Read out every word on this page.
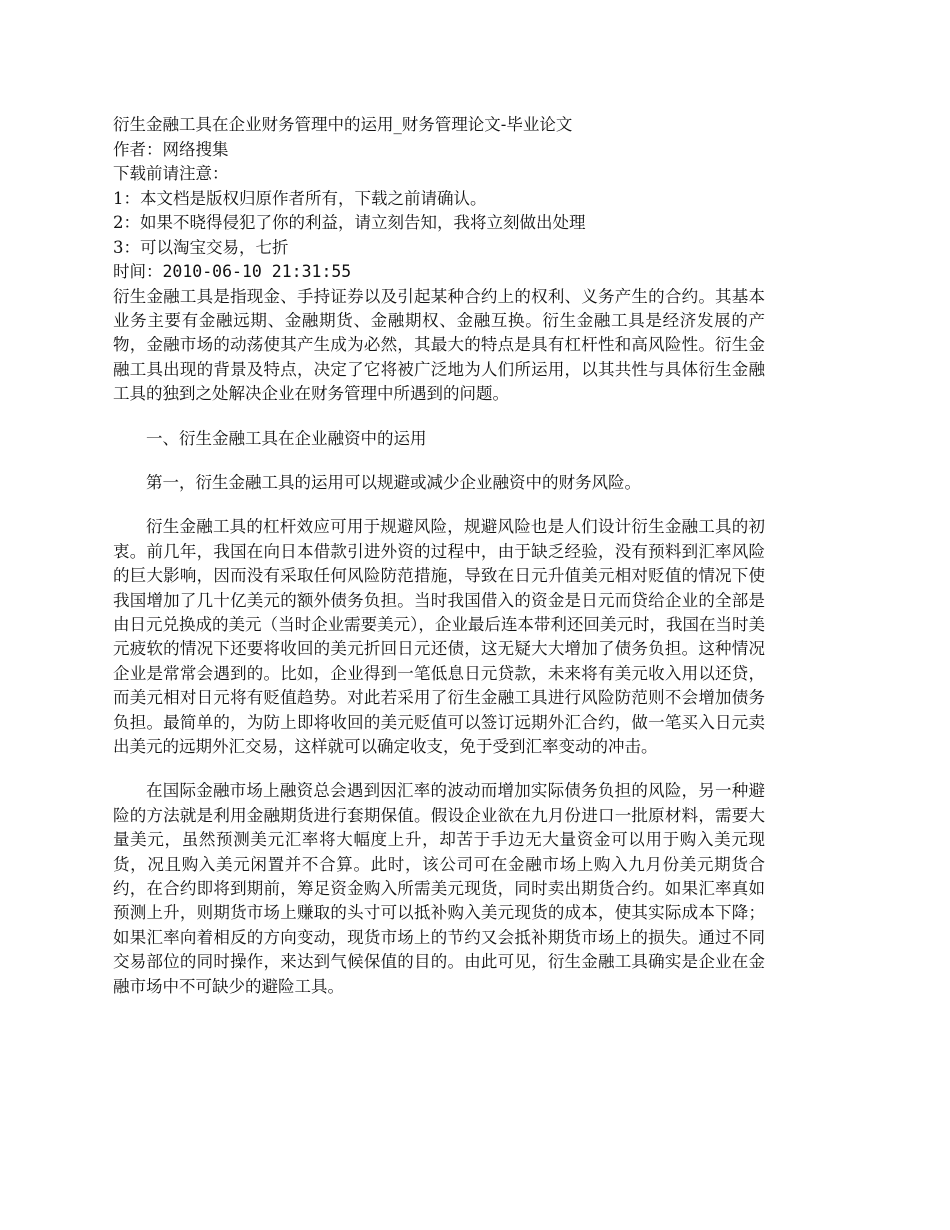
衍生金融工具在企业财务管理中的运用_财务管理论文-毕业论文
作者：网络搜集
下载前请注意：
1：本文档是版权归原作者所有，下载之前请确认。
2：如果不晓得侵犯了你的利益，请立刻告知，我将立刻做出处理
3：可以淘宝交易，七折
时间：2010-06-10 21:31:55

衍生金融工具是指现金、手持证券以及引起某种合约上的权利、义务产生的合约。其基本业务主要有金融远期、金融期货、金融期权、金融互换。衍生金融工具是经济发展的产物，金融市场的动荡使其产生成为必然，其最大的特点是具有杠杆性和高风险性。衍生金融工具出现的背景及特点，决定了它将被广泛地为人们所运用，以其共性与具体衍生金融工具的独到之处解决企业在财务管理中所遇到的问题。

一、衍生金融工具在企业融资中的运用

第一，衍生金融工具的运用可以规避或减少企业融资中的财务风险。

衍生金融工具的杠杆效应可用于规避风险，规避风险也是人们设计衍生金融工具的初衷。前几年，我国在向日本借款引进外资的过程中，由于缺乏经验，没有预料到汇率风险的巨大影响，因而没有采取任何风险防范措施，导致在日元升值美元相对贬值的情况下使我国增加了几十亿美元的额外债务负担。当时我国借入的资金是日元而贷给企业的全部是由日元兑换成的美元（当时企业需要美元），企业最后连本带利还回美元时，我国在当时美元疲软的情况下还要将收回的美元折回日元还债，这无疑大大增加了债务负担。这种情况企业是常常会遇到的。比如，企业得到一笔低息日元贷款，未来将有美元收入用以还贷，而美元相对日元将有贬值趋势。对此若采用了衍生金融工具进行风险防范则不会增加债务负担。最简单的，为防上即将收回的美元贬值可以签订远期外汇合约，做一笔买入日元卖出美元的远期外汇交易，这样就可以确定收支，免于受到汇率变动的冲击。

在国际金融市场上融资总会遇到因汇率的波动而增加实际债务负担的风险，另一种避险的方法就是利用金融期货进行套期保值。假设企业欲在九月份进口一批原材料，需要大量美元，虽然预测美元汇率将大幅度上升，却苦于手边无大量资金可以用于购入美元现货，况且购入美元闲置并不合算。此时，该公司可在金融市场上购入九月份美元期货合约，在合约即将到期前，筹足资金购入所需美元现货，同时卖出期货合约。如果汇率真如预测上升，则期货市场上赚取的头寸可以抵补购入美元现货的成本，使其实际成本下降；如果汇率向着相反的方向变动，现货市场上的节约又会抵补期货市场上的损失。通过不同交易部位的同时操作，来达到气候保值的目的。由此可见，衍生金融工具确实是企业在金融市场中不可缺少的避险工具。
